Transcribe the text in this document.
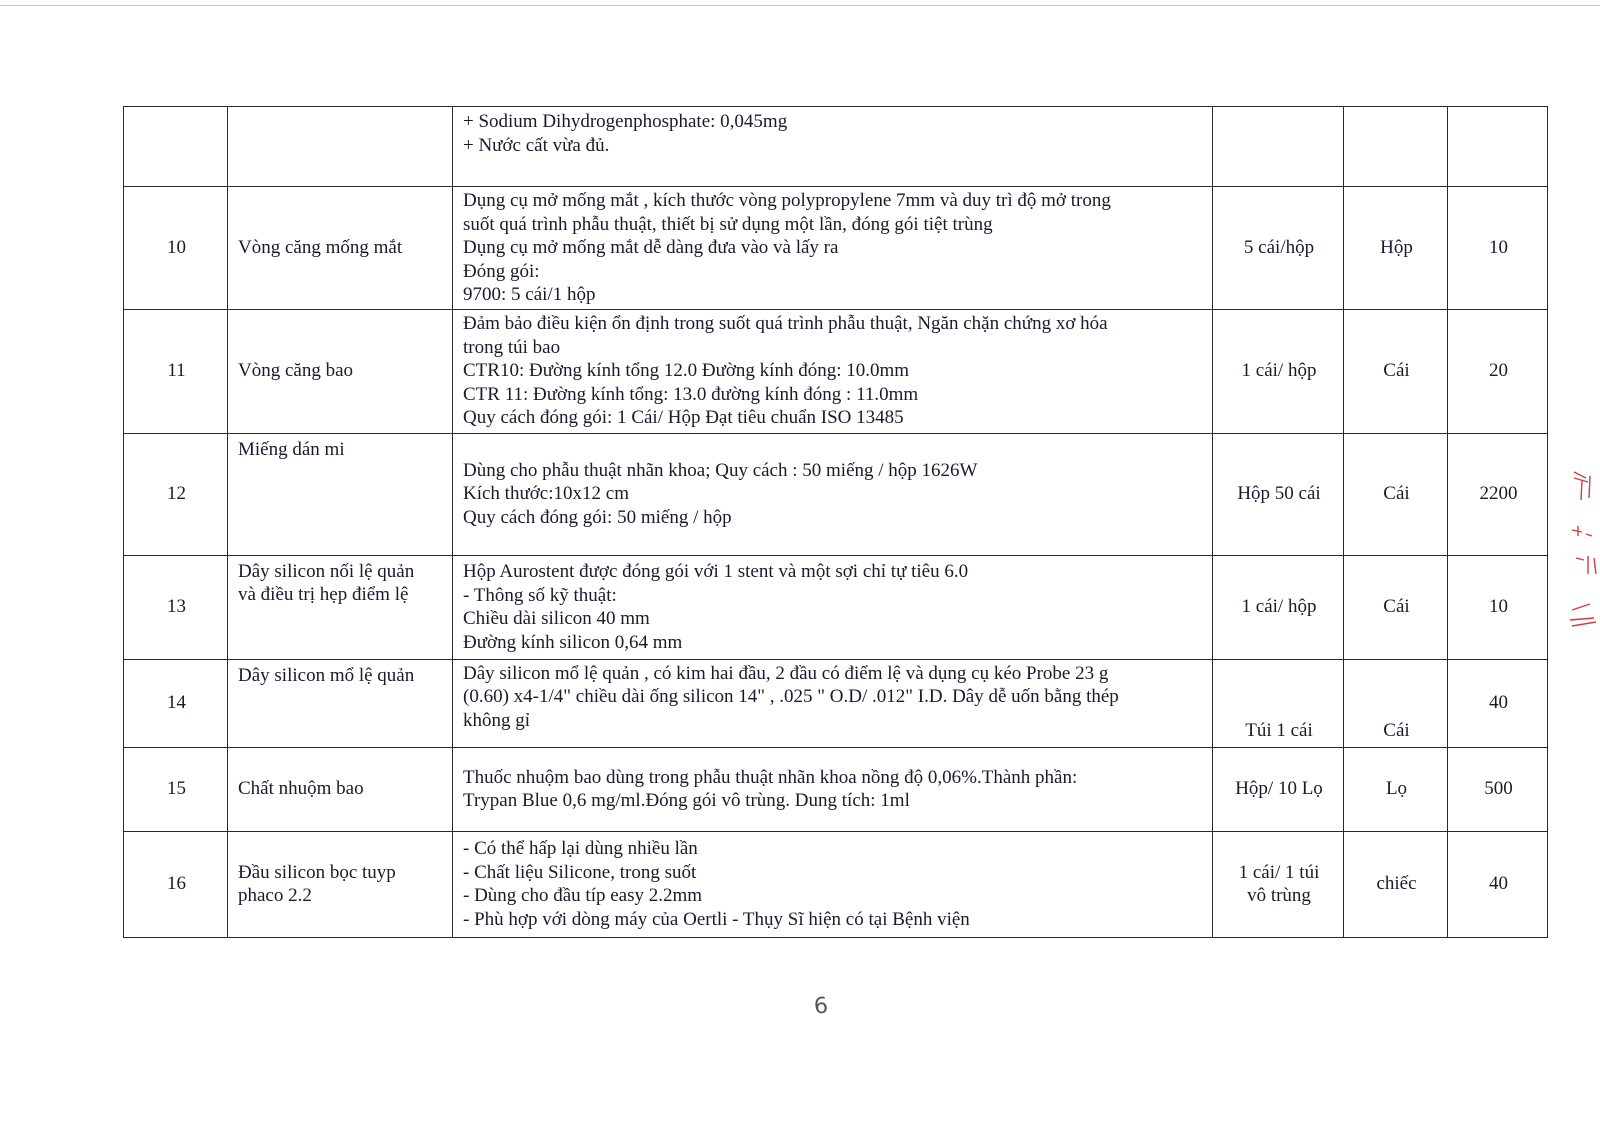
		+ Sodium Dihydrogenphosphate: 0,045mg
+ Nước cất vừa đủ.			

10	Vòng căng mống mắt	Dụng cụ mở mống mắt , kích thước vòng polypropylene 7mm và duy trì độ mở trong
suốt quá trình phẫu thuật, thiết bị sử dụng một lần, đóng gói tiệt trùng
Dụng cụ mở mống mắt dễ dàng đưa vào và lấy ra
Đóng gói:
9700: 5 cái/1 hộp	5 cái/hộp	Hộp	10
11	Vòng căng bao	Đảm bảo điều kiện ổn định trong suốt quá trình phẫu thuật, Ngăn chặn chứng xơ hóa
trong túi bao
CTR10: Đường kính tổng 12.0 Đường kính đóng: 10.0mm
CTR 11: Đường kính tổng: 13.0 đường kính đóng : 11.0mm
Quy cách đóng gói: 1 Cái/ Hộp Đạt tiêu chuẩn ISO 13485	1 cái/ hộp	Cái	20
12	Miếng dán mi	Dùng cho phẫu thuật nhãn khoa; Quy cách : 50 miếng / hộp 1626W
Kích thước:10x12 cm
Quy cách đóng gói: 50 miếng / hộp	Hộp 50 cái	Cái	2200
13	Dây silicon nối lệ quản
và điều trị hẹp điểm lệ	Hộp Aurostent được đóng gói với 1 stent và một sợi chỉ tự tiêu 6.0
- Thông số kỹ thuật:
Chiều dài silicon 40 mm
Đường kính silicon 0,64 mm	1 cái/ hộp	Cái	10
14	Dây silicon mổ lệ quản	Dây silicon mổ lệ quản , có kim hai đầu, 2 đầu có điểm lệ và dụng cụ kéo Probe 23 g
(0.60) x4-1/4" chiều dài ống silicon 14" , .025 " O.D/ .012" I.D. Dây dễ uốn bằng thép
không gỉ	Túi 1 cái	Cái	40
15	Chất nhuộm bao	Thuốc nhuộm bao dùng trong phẫu thuật nhãn khoa nồng độ 0,06%.Thành phần:
Trypan Blue 0,6 mg/ml.Đóng gói vô trùng. Dung tích: 1ml	Hộp/ 10 Lọ	Lọ	500
16	Đầu silicon bọc tuyp
phaco 2.2	- Có thể hấp lại dùng nhiều lần
- Chất liệu Silicone, trong suốt
- Dùng cho đầu típ easy 2.2mm
- Phù hợp với dòng máy của Oertli - Thụy Sĩ hiện có tại Bệnh viện	1 cái/ 1 túi
vô trùng	chiếc	40
6
